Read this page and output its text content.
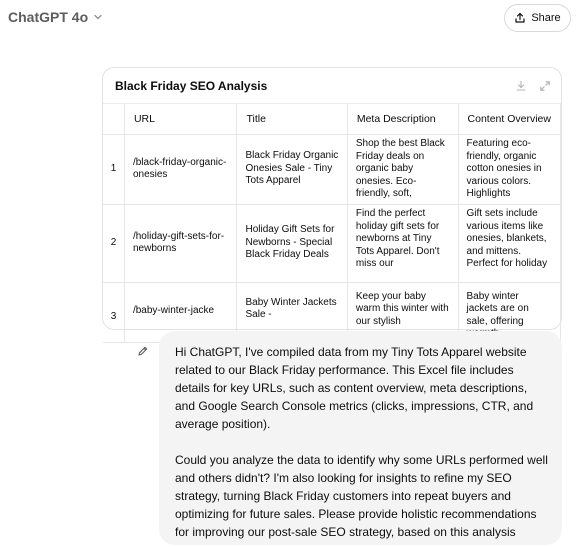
ChatGPT 4o	Share
Black Friday SEO Analysis
	URL	Title	Meta Description	Content Overview
1	/black-friday-organic-onesies	Black Friday Organic Onesies Sale - Tiny Tots Apparel	Shop the best Black Friday deals on organic baby onesies. Eco-friendly, soft,	Featuring eco-friendly, organic cotton onesies in various colors. Highlights

2	/holiday-gift-sets-for-newborns	Holiday Gift Sets for Newborns - Special Black Friday Deals	Find the perfect holiday gift sets for newborns at Tiny Tots Apparel. Don't miss our	Gift sets include various items like onesies, blankets, and mittens. Perfect for holiday

3	/baby-winter-jacke	Baby Winter Jackets Sale -	Keep your baby warm this winter with our stylish	Baby winter jackets are on sale, offering

Hi ChatGPT, I've compiled data from my Tiny Tots Apparel website related to our Black Friday performance. This Excel file includes details for key URLs, such as content overview, meta descriptions, and Google Search Console metrics (clicks, impressions, CTR, and average position).

Could you analyze the data to identify why some URLs performed well and others didn't? I'm also looking for insights to refine my SEO strategy, turning Black Friday customers into repeat buyers and optimizing for future sales. Please provide holistic recommendations for improving our post-sale SEO strategy, based on this analysis
